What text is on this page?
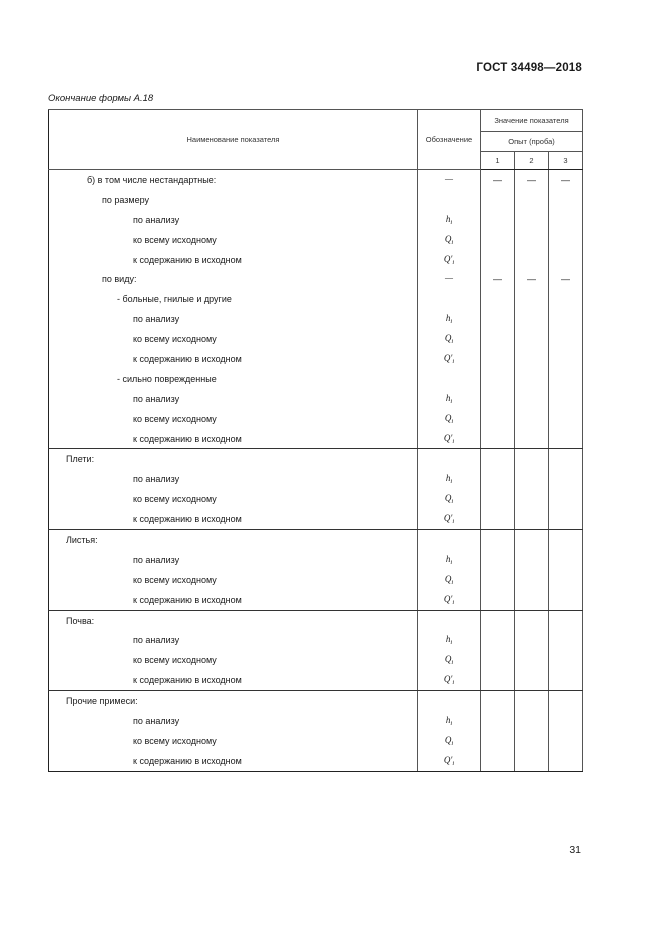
ГОСТ 34498—2018
Окончание формы А.18
Наименование показателя	Обозначение	Значение показателя		
		Опыт (проба)		
		1	2	3
б) в том числе нестандартные:	—	—	—	—
по размеру				
по анализу	$h_i$			
ко всему исходному	$Q_i$			
к содержанию в исходном	$Q'_i$			
по виду:	—	—	—	—
- больные, гнилые и другие				
по анализу	$h_i$			
ко всему исходному	$Q_i$			
к содержанию в исходном	$Q'_i$			
- сильно поврежденные				
по анализу	$h_i$			
ко всему исходному	$Q_i$			
к содержанию в исходном	$Q'_i$			
Плети:				
по анализу	$h_i$			
ко всему исходному	$Q_i$			
к содержанию в исходном	$Q'_i$			
Листья:				
по анализу	$h_i$			
ко всему исходному	$Q_i$			
к содержанию в исходном	$Q'_i$			
Почва:				
по анализу	$h_i$			
ко всему исходному	$Q_i$			
к содержанию в исходном	$Q'_i$			
Прочие примеси:				
по анализу	$h_i$			
ко всему исходному	$Q_i$			
к содержанию в исходном	$Q'_i$			
31
